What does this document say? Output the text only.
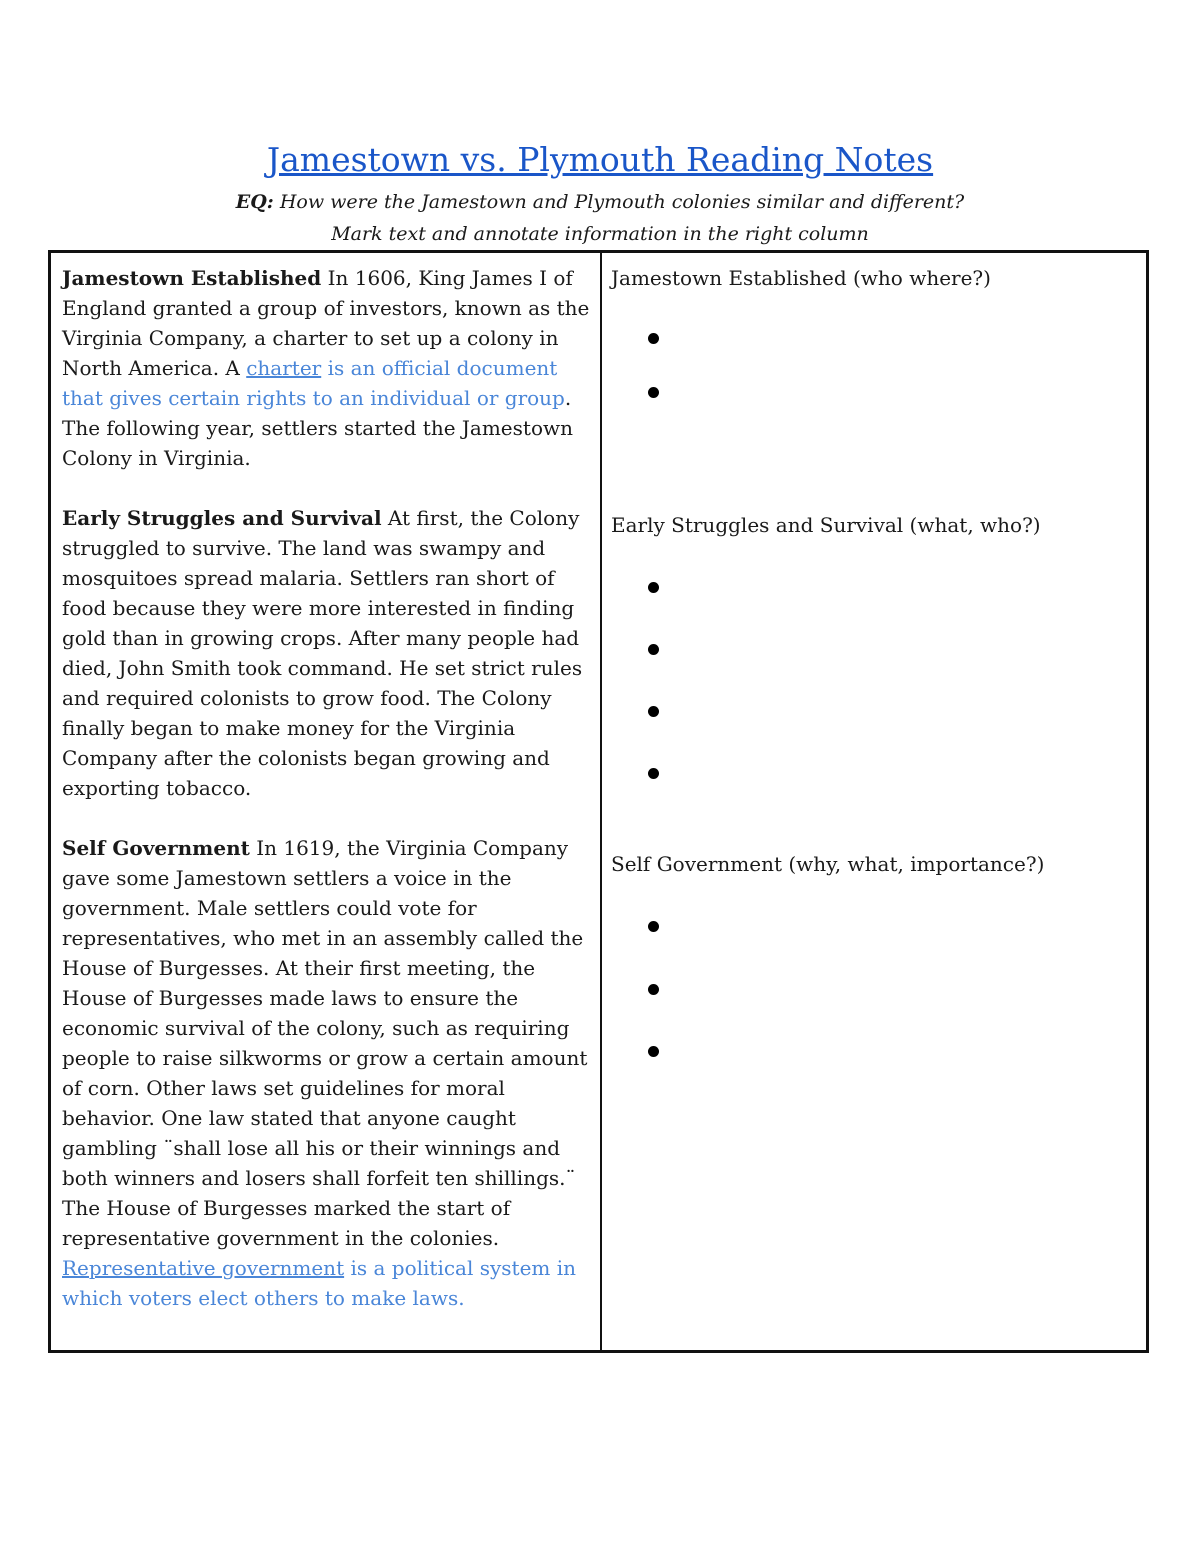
Jamestown vs. Plymouth Reading Notes
EQ: How were the Jamestown and Plymouth colonies similar and different?
Mark text and annotate information in the right column

Jamestown Established In 1606, King James I of England granted a group of investors, known as the Virginia Company, a charter to set up a colony in North America. A charter is an official document that gives certain rights to an individual or group. The following year, settlers started the Jamestown Colony in Virginia.

Early Struggles and Survival At first, the Colony struggled to survive. The land was swampy and mosquitoes spread malaria. Settlers ran short of food because they were more interested in finding gold than in growing crops. After many people had died, John Smith took command. He set strict rules and required colonists to grow food. The Colony finally began to make money for the Virginia Company after the colonists began growing and exporting tobacco.

Self Government In 1619, the Virginia Company gave some Jamestown settlers a voice in the government. Male settlers could vote for representatives, who met in an assembly called the House of Burgesses. At their first meeting, the House of Burgesses made laws to ensure the economic survival of the colony, such as requiring people to raise silkworms or grow a certain amount of corn. Other laws set guidelines for moral behavior. One law stated that anyone caught gambling ¨shall lose all his or their winnings and both winners and losers shall forfeit ten shillings.¨ The House of Burgesses marked the start of representative government in the colonies. Representative government is a political system in which voters elect others to make laws.

Jamestown Established (who where?)

Early Struggles and Survival (what, who?)

Self Government (why, what, importance?)
